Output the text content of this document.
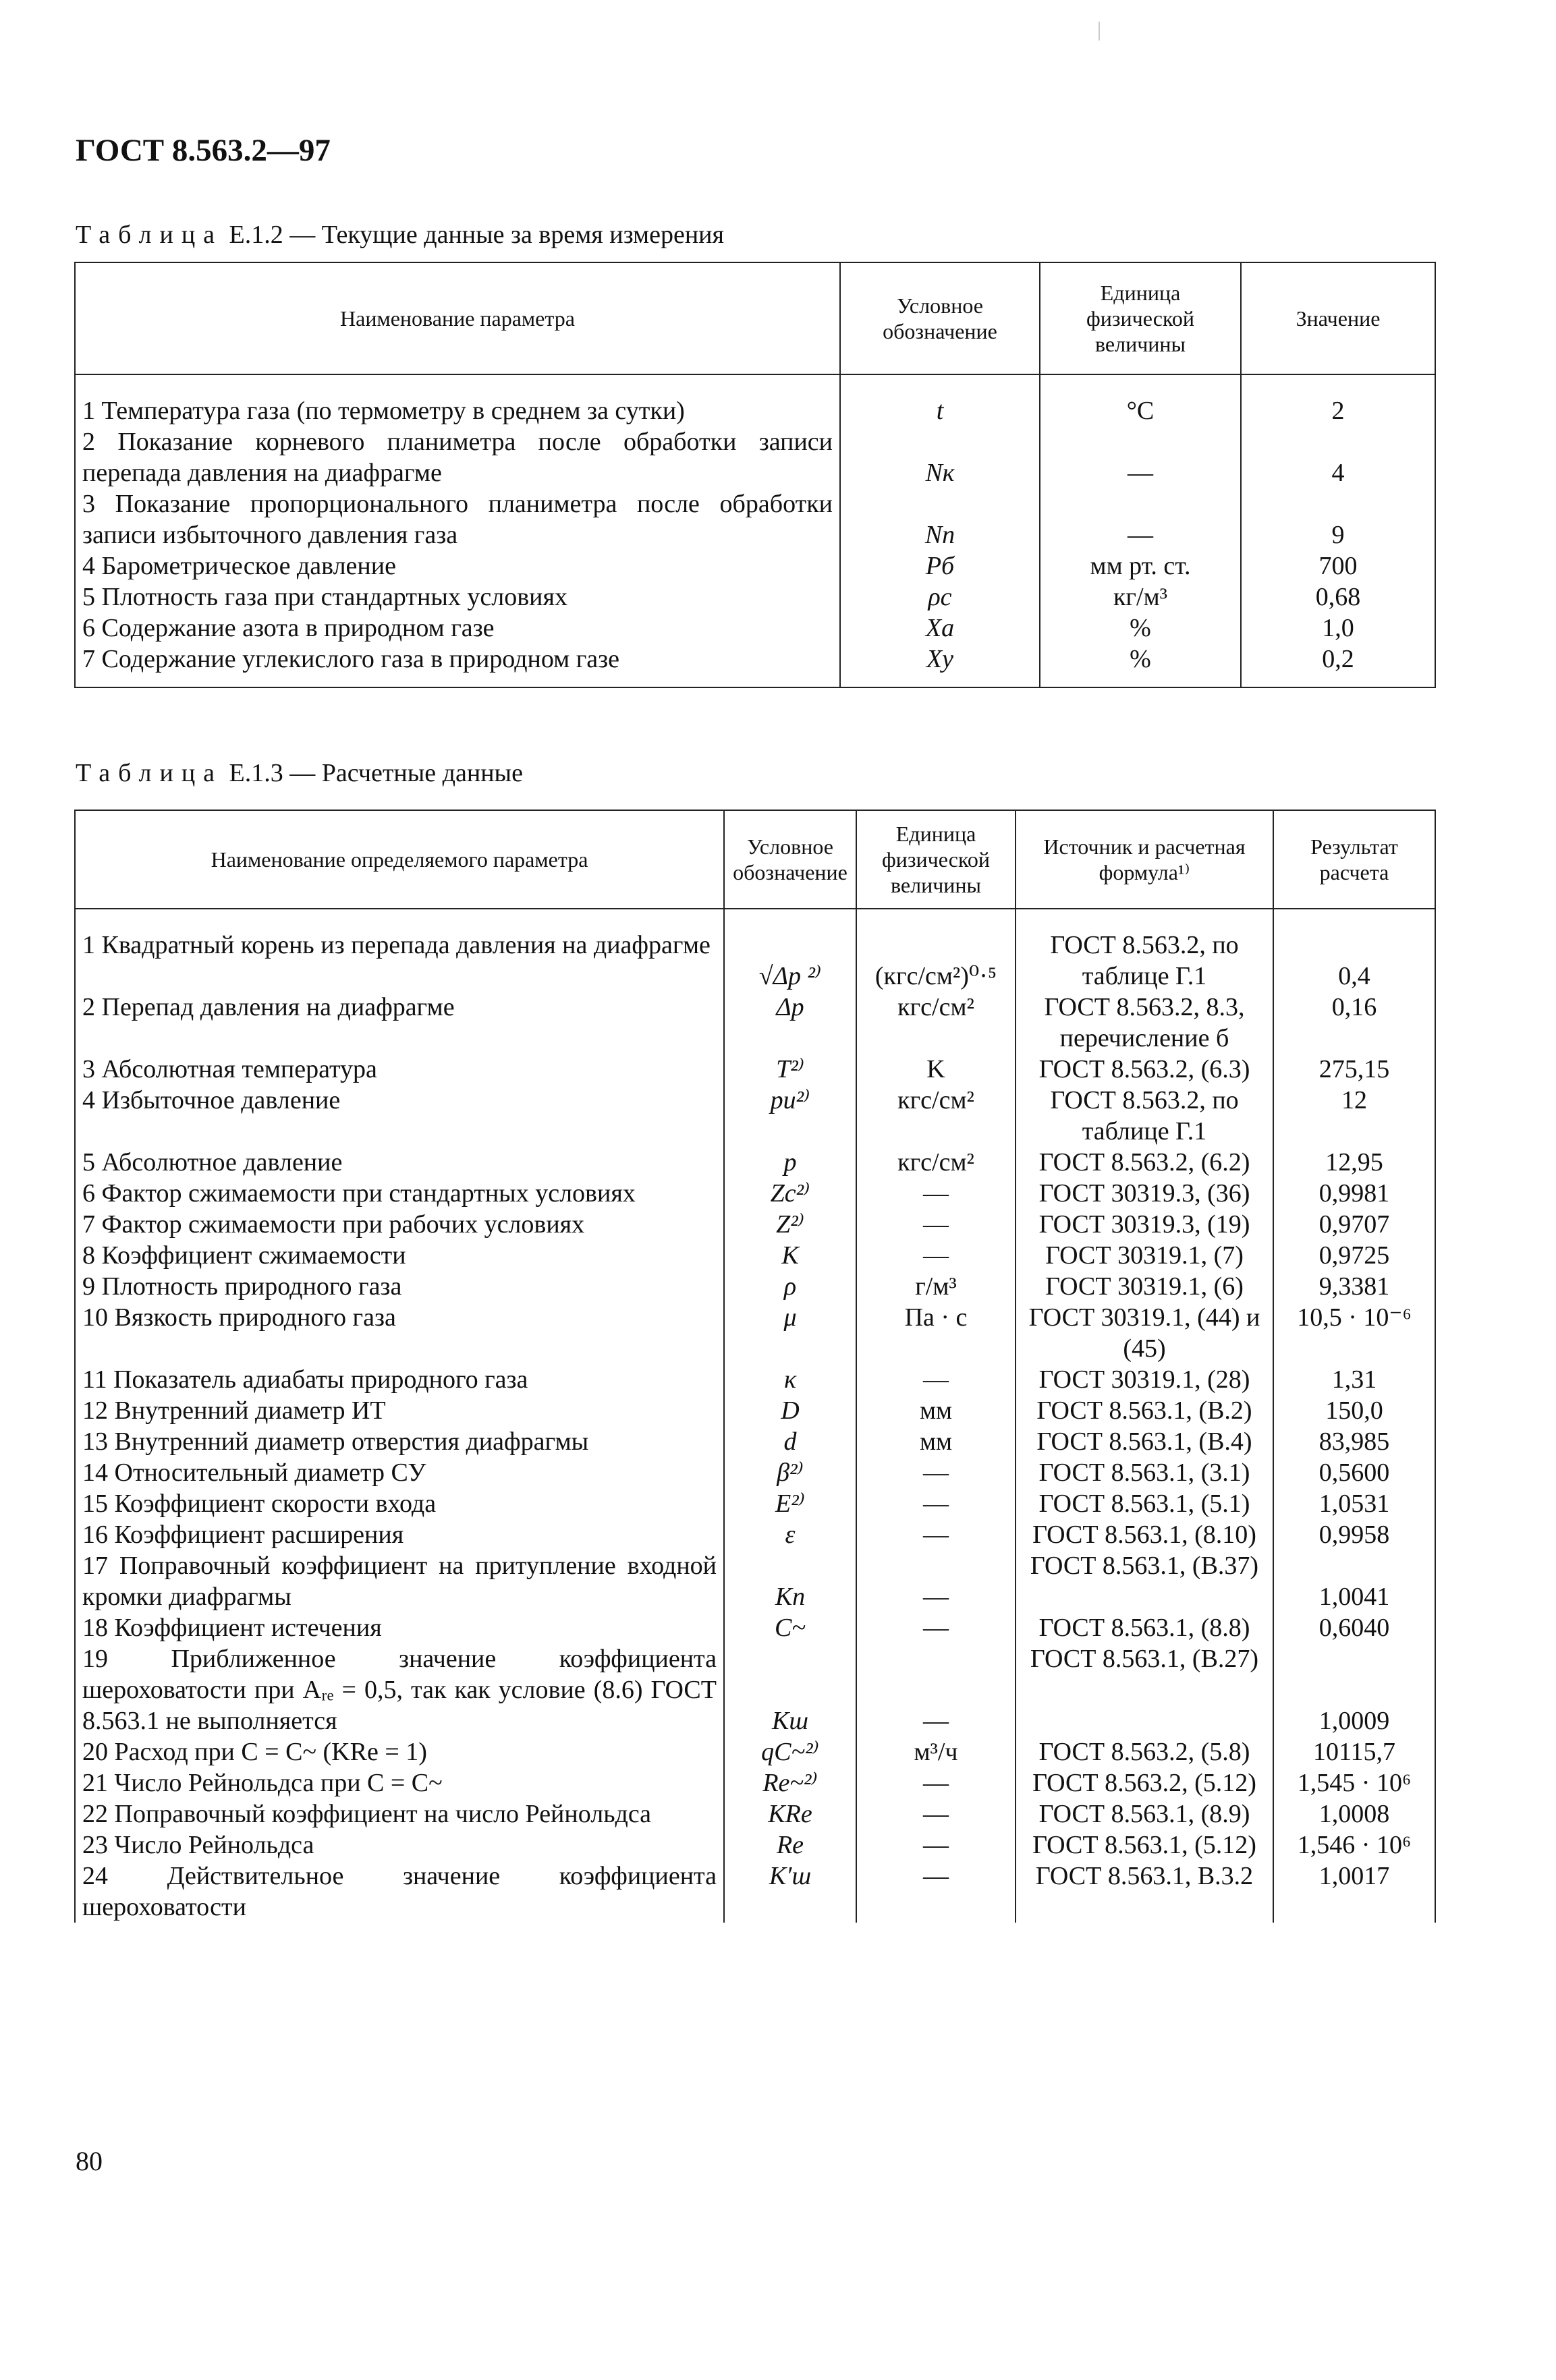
ГОСТ 8.563.2—97
Таблица Е.1.2 — Текущие данные за время измерения
Наименование параметра	Условное обозначение	Единица физической величины	Значение

1 Температура газа (по термометру в среднем за сутки)	t	°C	2
2 Показание корневого планиметра после обработки записи перепада давления на диафрагме	Nк	—	4
3 Показание пропорционального планиметра после обработки записи избыточного давления газа	Nп	—	9
4 Барометрическое давление	Pб	мм рт. ст.	700
5 Плотность газа при стандартных условиях	ρс	кг/м³	0,68
6 Содержание азота в природном газе	Xа	%	1,0
7 Содержание углекислого газа в природном газе	Xу	%	0,2
Таблица Е.1.3 — Расчетные данные
Наименование определяемого параметра	Условное обозначение	Единица физической величины	Источник и расчетная формула¹⁾	Результат расчета

1 Квадратный корень из перепада давления на диафрагме	√Δp ²⁾	(кгс/см²)⁰·⁵	ГОСТ 8.563.2, по таблице Г.1	0,4
2 Перепад давления на диафрагме	Δp	кгс/см²	ГОСТ 8.563.2, 8.3, перечисление б	0,16
3 Абсолютная температура	T²⁾	K	ГОСТ 8.563.2, (6.3)	275,15
4 Избыточное давление	pи²⁾	кгс/см²	ГОСТ 8.563.2, по таблице Г.1	12
5 Абсолютное давление	p	кгс/см²	ГОСТ 8.563.2, (6.2)	12,95
6 Фактор сжимаемости при стандартных условиях	Zс²⁾	—	ГОСТ 30319.3, (36)	0,9981
7 Фактор сжимаемости при рабочих условиях	Z²⁾	—	ГОСТ 30319.3, (19)	0,9707
8 Коэффициент сжимаемости	K	—	ГОСТ 30319.1, (7)	0,9725
9 Плотность природного газа	ρ	г/м³	ГОСТ 30319.1, (6)	9,3381
10 Вязкость природного газа	μ	Па · с	ГОСТ 30319.1, (44) и (45)	10,5 · 10⁻⁶
11 Показатель адиабаты природного газа	κ	—	ГОСТ 30319.1, (28)	1,31
12 Внутренний диаметр ИТ	D	мм	ГОСТ 8.563.1, (В.2)	150,0
13 Внутренний диаметр отверстия диафрагмы	d	мм	ГОСТ 8.563.1, (В.4)	83,985
14 Относительный диаметр СУ	β²⁾	—	ГОСТ 8.563.1, (3.1)	0,5600
15 Коэффициент скорости входа	E²⁾	—	ГОСТ 8.563.1, (5.1)	1,0531
16 Коэффициент расширения	ε	—	ГОСТ 8.563.1, (8.10)	0,9958
17 Поправочный коэффициент на притупление входной кромки диафрагмы	Kп	—	ГОСТ 8.563.1, (В.37)	1,0041
18 Коэффициент истечения	C~	—	ГОСТ 8.563.1, (8.8)	0,6040
19 Приближенное значение коэффициента шероховатости при Aᵣₑ = 0,5, так как условие (8.6) ГОСТ 8.563.1 не выполняется	Kш	—	ГОСТ 8.563.1, (В.27)	1,0009
20 Расход при C = C~ (KRe = 1)	qC~²⁾	м³/ч	ГОСТ 8.563.2, (5.8)	10115,7
21 Число Рейнольдса при C = C~	Re~²⁾	—	ГОСТ 8.563.2, (5.12)	1,545 · 10⁶
22 Поправочный коэффициент на число Рейнольдса	KRe	—	ГОСТ 8.563.1, (8.9)	1,0008
23 Число Рейнольдса	Re	—	ГОСТ 8.563.1, (5.12)	1,546 · 10⁶
24 Действительное значение коэффициента шероховатости	K′ш	—	ГОСТ 8.563.1, В.3.2	1,0017
80
